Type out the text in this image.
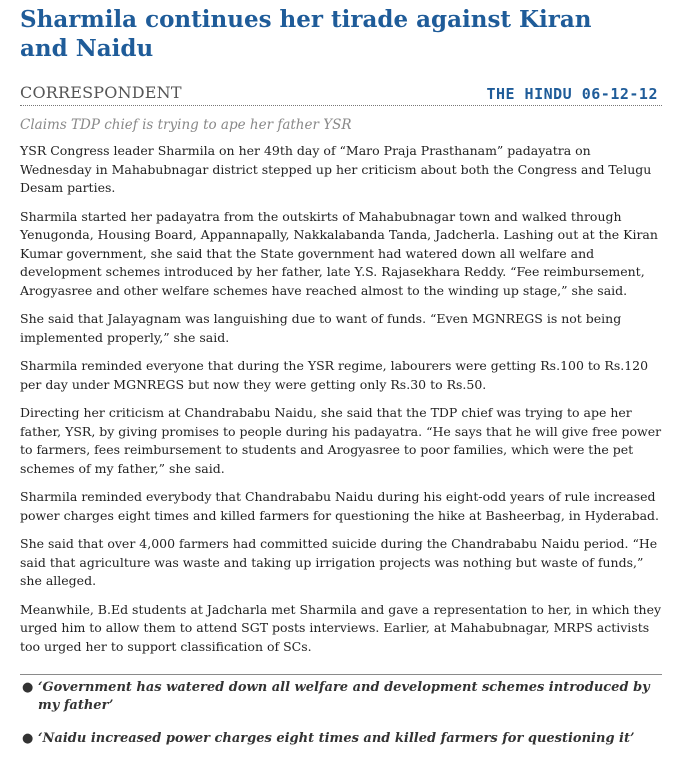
Sharmila continues her tirade against Kiran and Naidu
CORRESPONDENT	THE HINDU 06-12-12
Claims TDP chief is trying to ape her father YSR

YSR Congress leader Sharmila on her 49th day of “Maro Praja Prasthanam” padayatra on Wednesday in Mahabubnagar district stepped up her criticism about both the Congress and Telugu Desam parties.

Sharmila started her padayatra from the outskirts of Mahabubnagar town and walked through Yenugonda, Housing Board, Appannapally, Nakkalabanda Tanda, Jadcherla. Lashing out at the Kiran Kumar government, she said that the State government had watered down all welfare and development schemes introduced by her father, late Y.S. Rajasekhara Reddy. “Fee reimbursement, Arogyasree and other welfare schemes have reached almost to the winding up stage,” she said.

She said that Jalayagnam was languishing due to want of funds. “Even MGNREGS is not being implemented properly,” she said.

Sharmila reminded everyone that during the YSR regime, labourers were getting Rs.100 to Rs.120 per day under MGNREGS but now they were getting only Rs.30 to Rs.50.

Directing her criticism at Chandrababu Naidu, she said that the TDP chief was trying to ape her father, YSR, by giving promises to people during his padayatra. “He says that he will give free power to farmers, fees reimbursement to students and Arogyasree to poor families, which were the pet schemes of my father,” she said.

Sharmila reminded everybody that Chandrababu Naidu during his eight-odd years of rule increased power charges eight times and killed farmers for questioning the hike at Basheerbag, in Hyderabad.

She said that over 4,000 farmers had committed suicide during the Chandrababu Naidu period. “He said that agriculture was waste and taking up irrigation projects was nothing but waste of funds,” she alleged.

Meanwhile, B.Ed students at Jadcharla met Sharmila and gave a representation to her, in which they urged him to allow them to attend SGT posts interviews. Earlier, at Mahabubnagar, MRPS activists too urged her to support classification of SCs.

● ‘Government has watered down all welfare and development schemes introduced by my father’
● ‘Naidu increased power charges eight times and killed farmers for questioning it’
